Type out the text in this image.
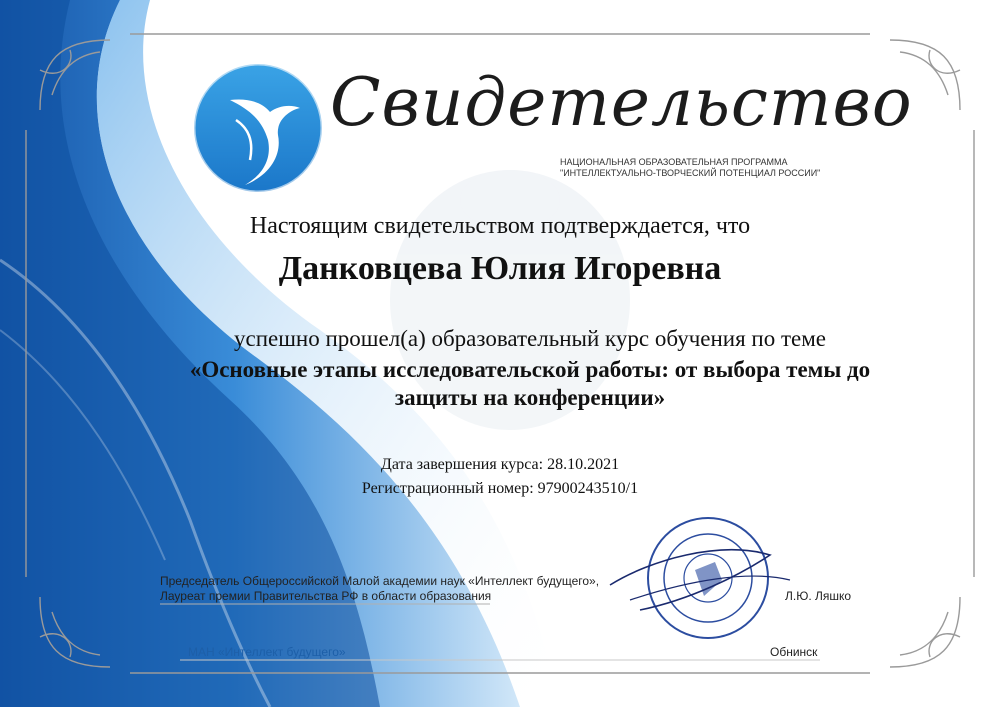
Свидетельство
НАЦИОНАЛЬНАЯ ОБРАЗОВАТЕЛЬНАЯ ПРОГРАММА
"ИНТЕЛЛЕКТУАЛЬНО-ТВОРЧЕСКИЙ ПОТЕНЦИАЛ РОССИИ"
Настоящим свидетельством подтверждается, что
Данковцева Юлия Игоревна
успешно прошел(а) образовательный курс обучения по теме
«Основные этапы исследовательской работы: от выбора темы до
защиты на конференции»
Дата завершения курса: 28.10.2021
Регистрационный номер: 97900243510/1
Председатель Общероссийской Малой академии наук «Интеллект будущего»,
Лауреат премии Правительства РФ в области образования	Л.Ю. Ляшко
МАН «Интеллект будущего»	Обнинск
